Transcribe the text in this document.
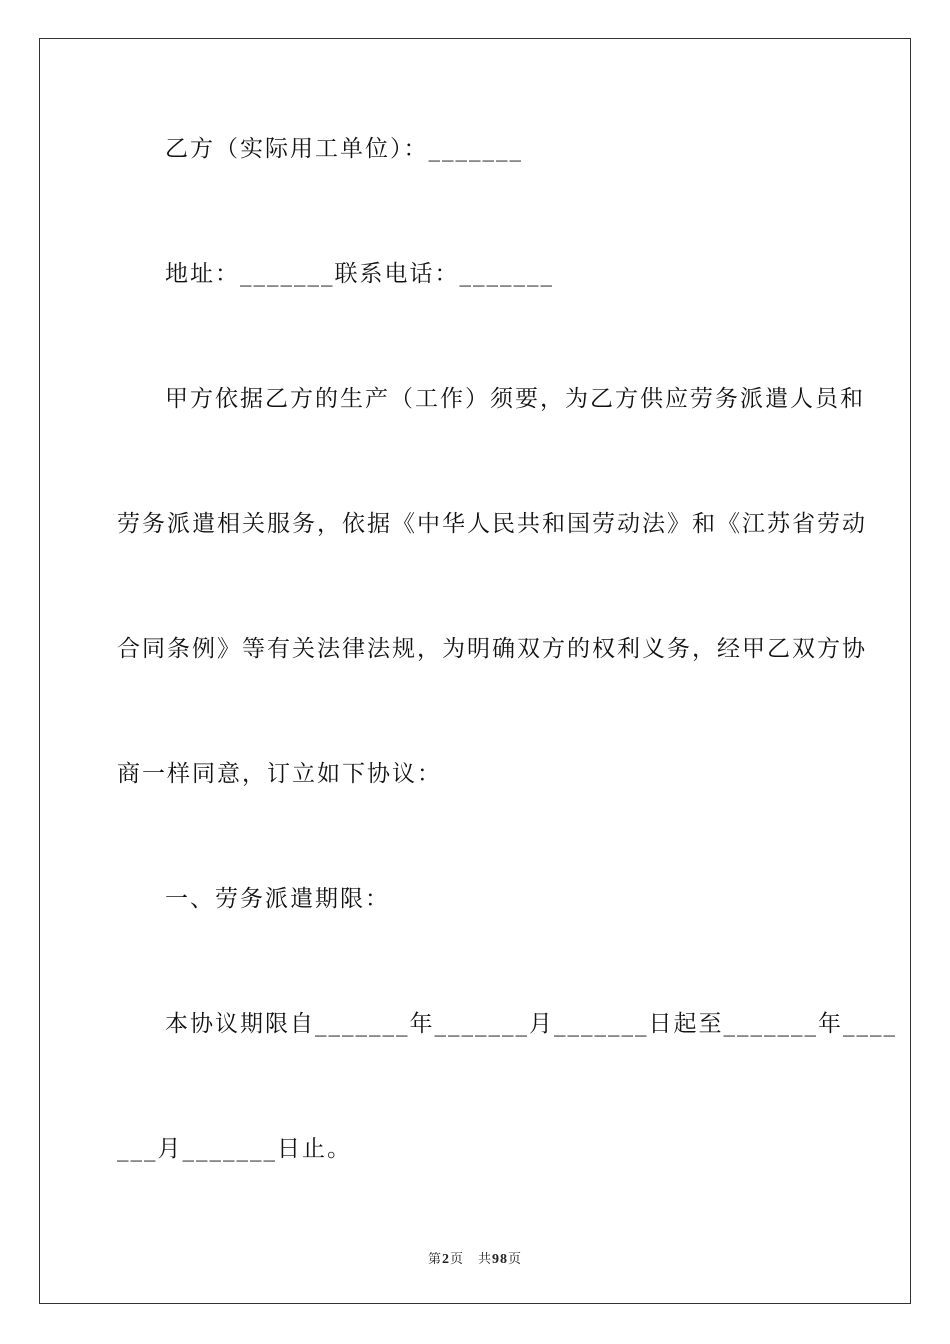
乙方（实际用工单位）：_______
地址：_______联系电话：_______
甲方依据乙方的生产（工作）须要，为乙方供应劳务派遣人员和
劳务派遣相关服务，依据《中华人民共和国劳动法》和《江苏省劳动
合同条例》等有关法律法规，为明确双方的权利义务，经甲乙双方协
商一样同意，订立如下协议：
一、劳务派遣期限：
本协议期限自_______年_______月_______日起至_______年____
___月_______日止。
第2页 共98页
